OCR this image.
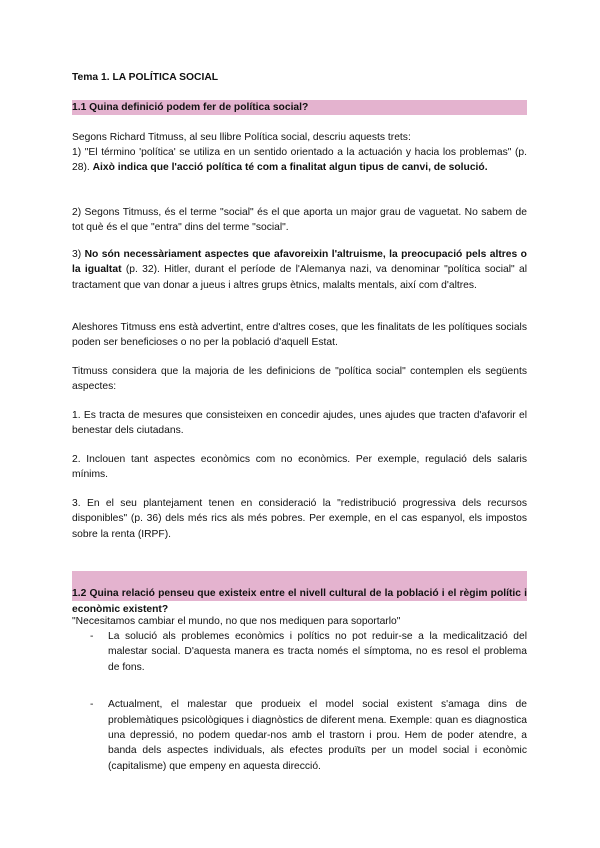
Tema 1. LA POLÍTICA SOCIAL

1.1 Quina definició podem fer de política social?

Segons Richard Titmuss, al seu llibre Política social, descriu aquests trets:

1) "El término 'política' se utiliza en un sentido orientado a la actuación y hacia los problemas" (p. 28). Això indica que l'acció política té com a finalitat algun tipus de canvi, de solució.

2) Segons Titmuss, és el terme "social" és el que aporta un major grau de vaguetat. No sabem de tot què és el que "entra" dins del terme "social".

3) No són necessàriament aspectes que afavoreixin l'altruisme, la preocupació pels altres o la igualtat (p. 32). Hitler, durant el període de l'Alemanya nazi, va denominar "política social" al tractament que van donar a jueus i altres grups ètnics, malalts mentals, així com d'altres.

Aleshores Titmuss ens està advertint, entre d'altres coses, que les finalitats de les polítiques socials poden ser beneficioses o no per la població d'aquell Estat.

Titmuss considera que la majoria de les definicions de "política social" contemplen els següents aspectes:

1. Es tracta de mesures que consisteixen en concedir ajudes, unes ajudes que tracten d'afavorir el benestar dels ciutadans.

2. Inclouen tant aspectes econòmics com no econòmics. Per exemple, regulació dels salaris mínims.

3. En el seu plantejament tenen en consideració la "redistribució progressiva dels recursos disponibles" (p. 36) dels més rics als més pobres. Per exemple, en el cas espanyol, els impostos sobre la renta (IRPF).

1.2 Quina relació penseu que existeix entre el nivell cultural de la població i el règim polític i econòmic existent?

"Necesitamos cambiar el mundo, no que nos mediquen para soportarlo"

- La solució als problemes econòmics i polítics no pot reduir-se a la medicalització del malestar social. D'aquesta manera es tracta només el símptoma, no es resol el problema de fons.
- Actualment, el malestar que produeix el model social existent s'amaga dins de problemàtiques psicològiques i diagnòstics de diferent mena. Exemple: quan es diagnostica una depressió, no podem quedar-nos amb el trastorn i prou. Hem de poder atendre, a banda dels aspectes individuals, als efectes produïts per un model social i econòmic (capitalisme) que empeny en aquesta direcció.
